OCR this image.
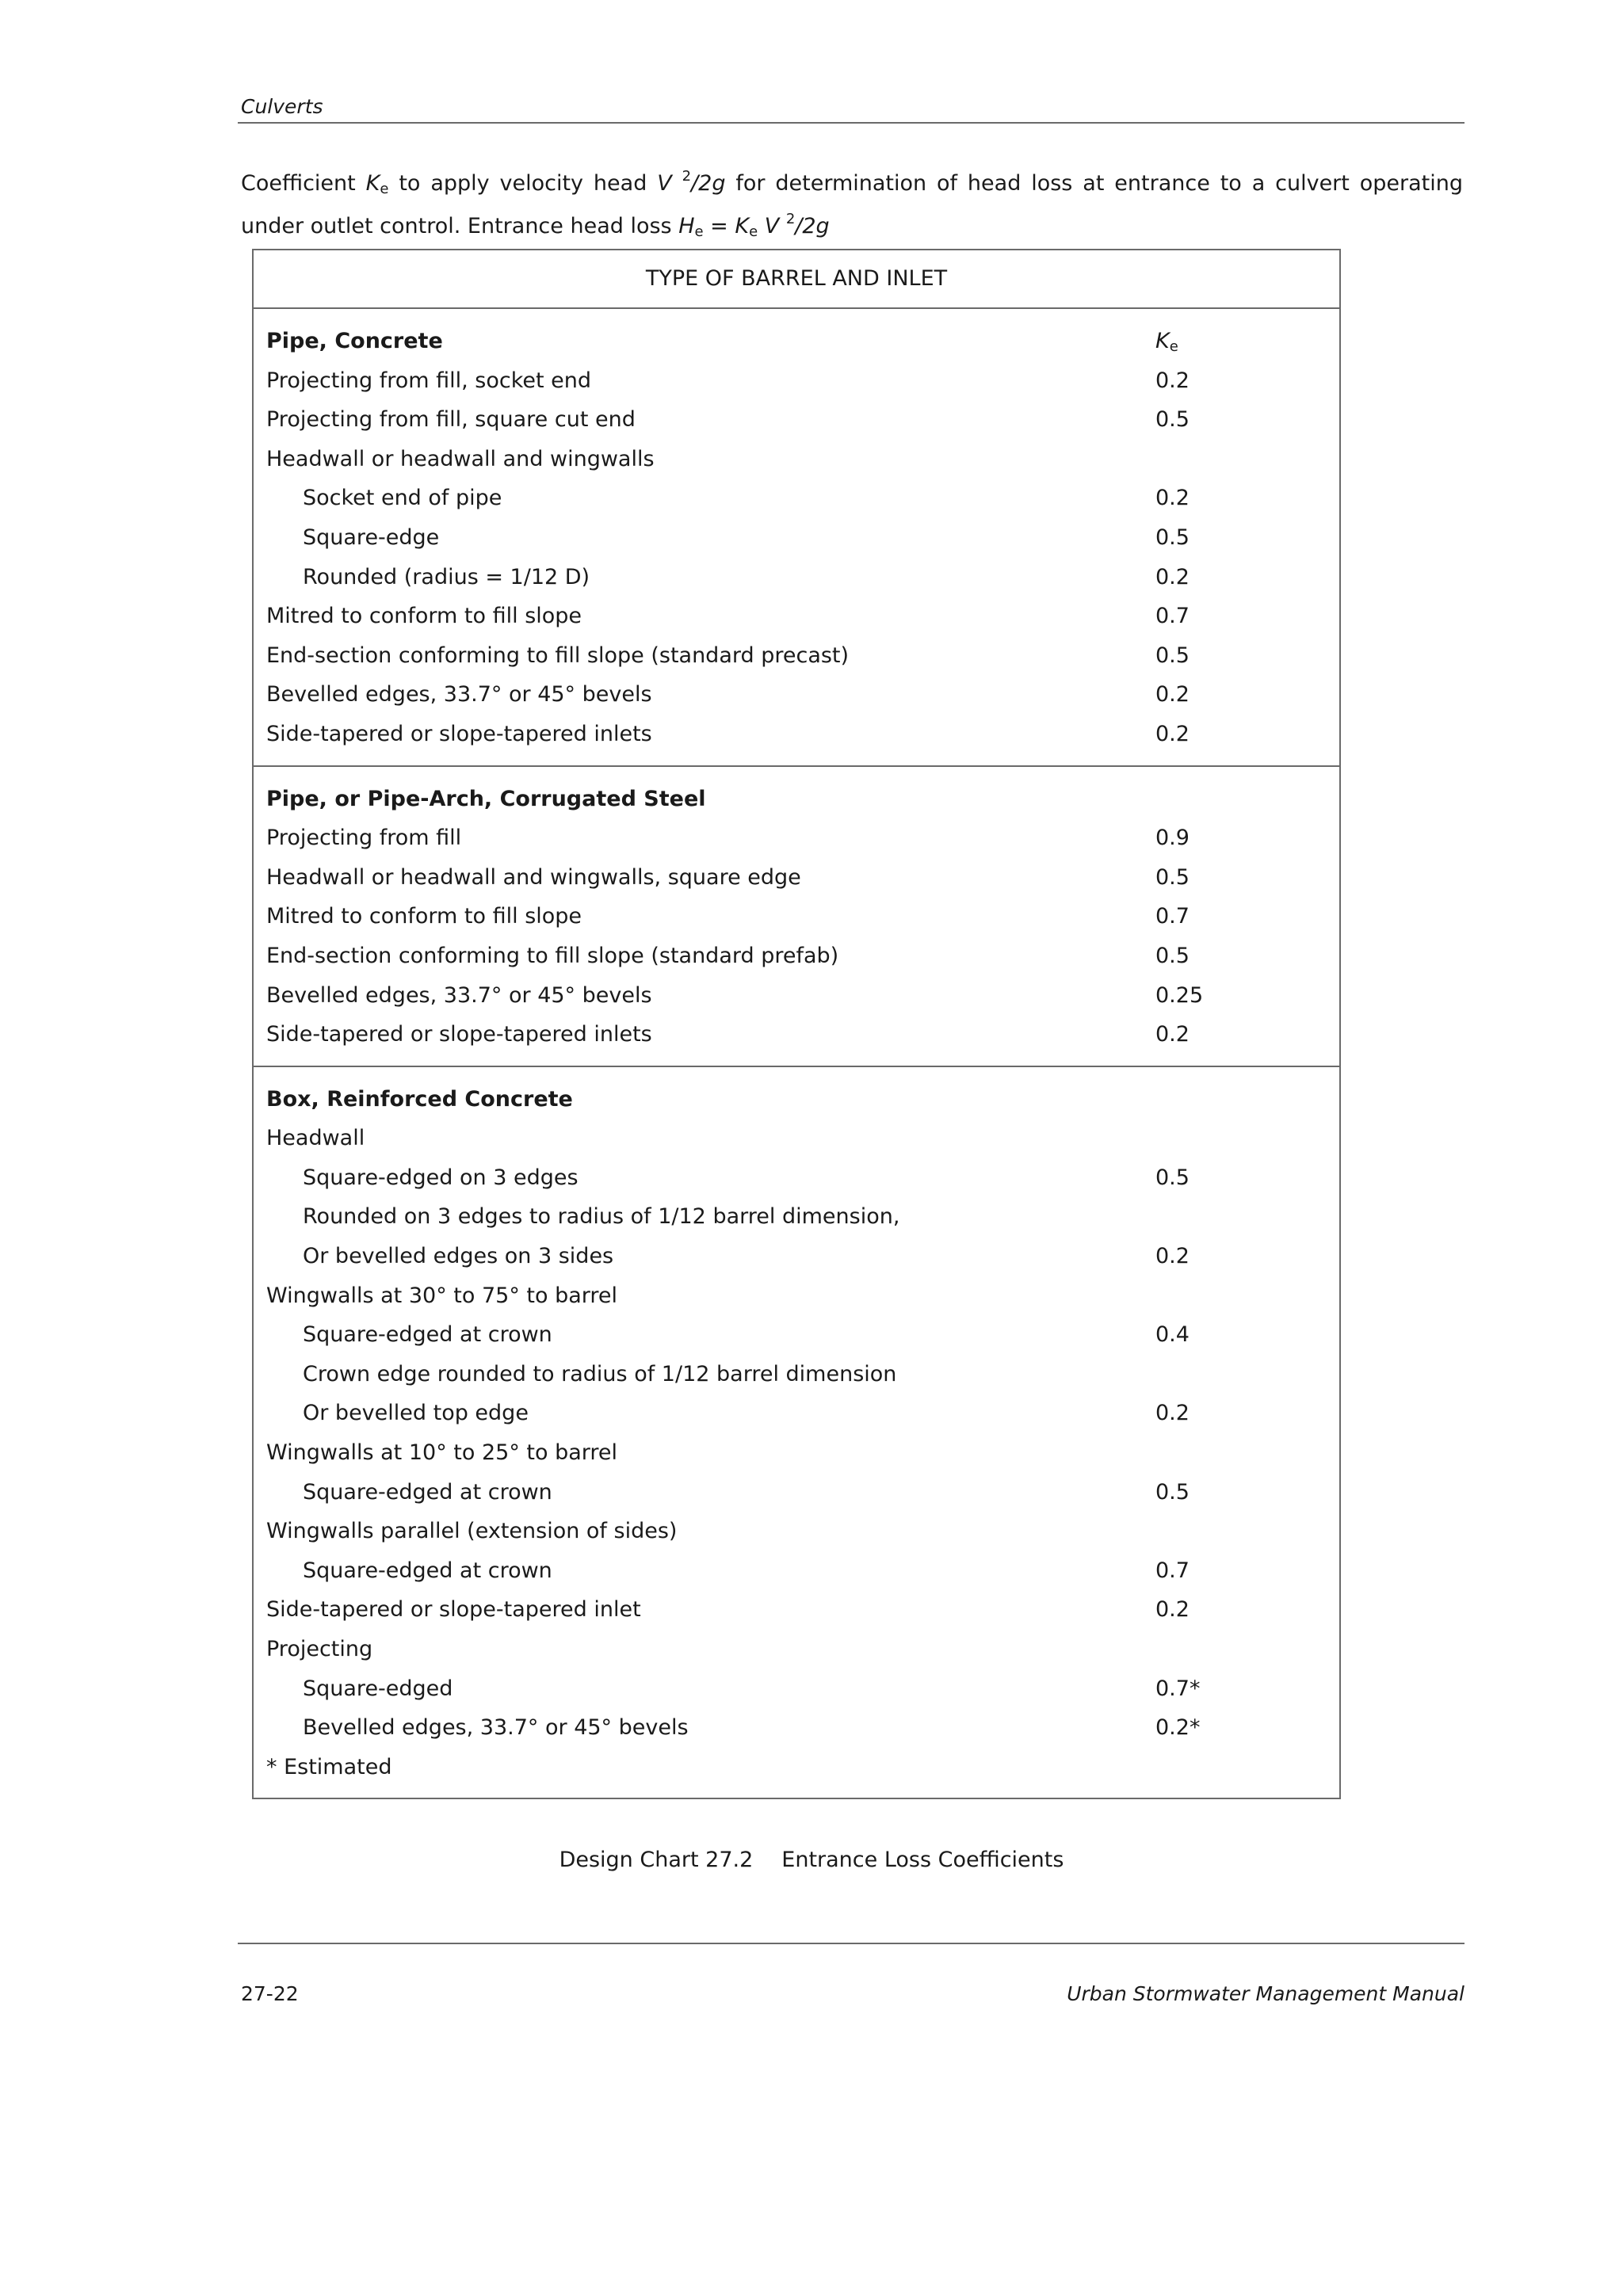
Culverts
Coefficient $K_e$ to apply velocity head V $^2$/2g for determination of head loss at entrance to a culvert operating under outlet control. Entrance head loss $H_e = K_e$ V $^2$/2g
TYPE OF BARREL AND INLET
Pipe, Concrete	$K_e$
Projecting from fill, socket end	0.2
Projecting from fill, square cut end	0.5
Headwall or headwall and wingwalls
Socket end of pipe	0.2
Square-edge	0.5
Rounded (radius = 1/12 D)	0.2
Mitred to conform to fill slope	0.7
End-section conforming to fill slope (standard precast)	0.5
Bevelled edges, 33.7° or 45° bevels	0.2
Side-tapered or slope-tapered inlets	0.2
Pipe, or Pipe-Arch, Corrugated Steel
Projecting from fill	0.9
Headwall or headwall and wingwalls, square edge	0.5
Mitred to conform to fill slope	0.7
End-section conforming to fill slope (standard prefab)	0.5
Bevelled edges, 33.7° or 45° bevels	0.25
Side-tapered or slope-tapered inlets	0.2
Box, Reinforced Concrete
Headwall
Square-edged on 3 edges	0.5
Rounded on 3 edges to radius of 1/12 barrel dimension,
Or bevelled edges on 3 sides	0.2
Wingwalls at 30° to 75° to barrel
Square-edged at crown	0.4
Crown edge rounded to radius of 1/12 barrel dimension
Or bevelled top edge	0.2
Wingwalls at 10° to 25° to barrel
Square-edged at crown	0.5
Wingwalls parallel (extension of sides)
Square-edged at crown	0.7
Side-tapered or slope-tapered inlet	0.2
Projecting
Square-edged	0.7*
Bevelled edges, 33.7° or 45° bevels	0.2*
* Estimated
Design Chart 27.2 Entrance Loss Coefficients
27-22	Urban Stormwater Management Manual
